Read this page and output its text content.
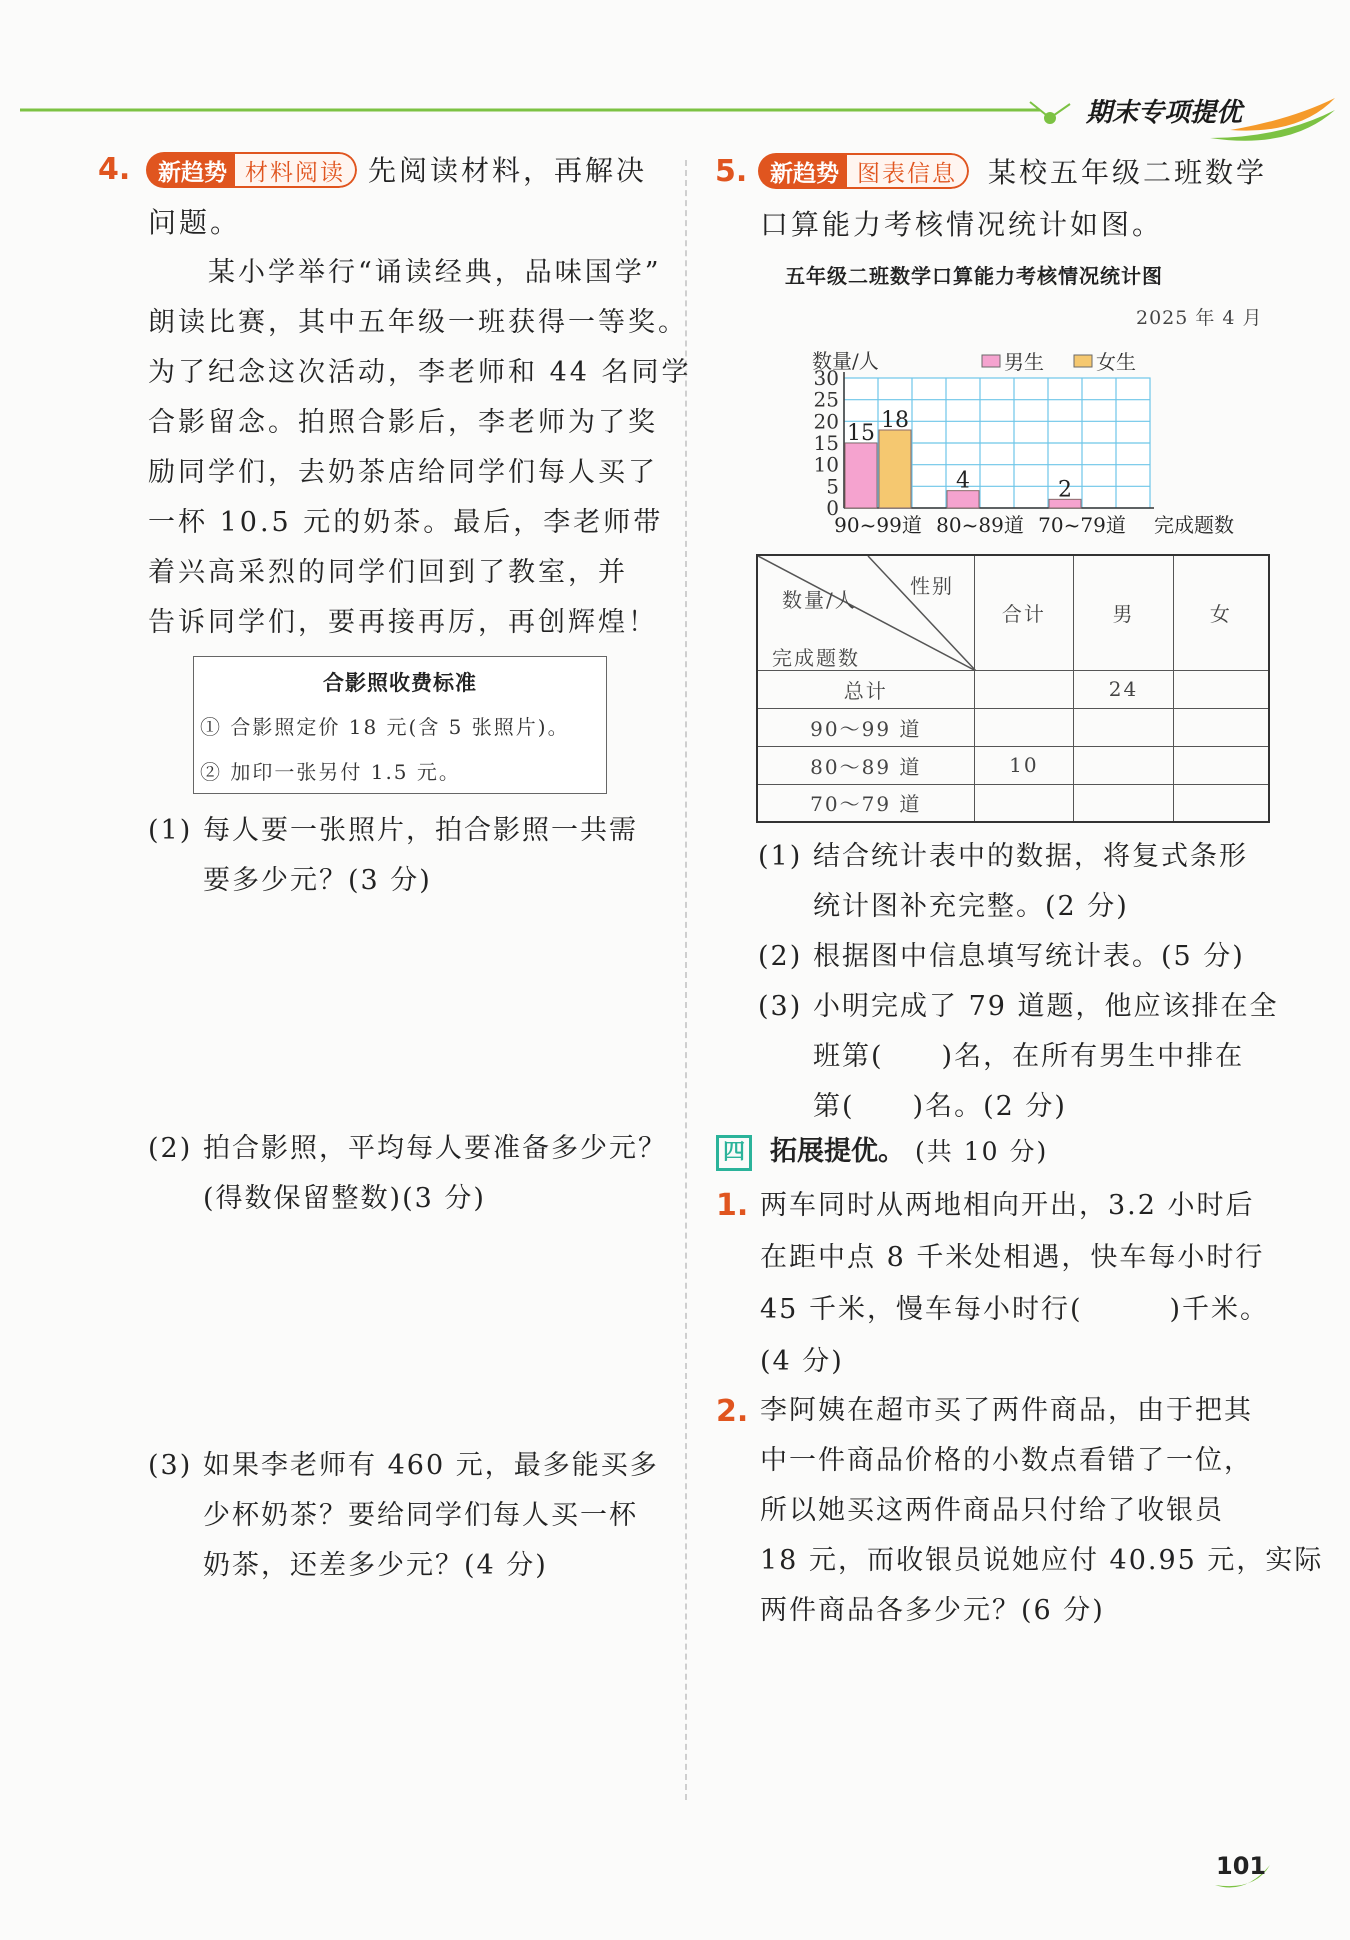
期末专项提优
4.	新趋势 材料阅读 先阅读材料，再解决
问题。
某小学举行“诵读经典，品味国学”
朗读比赛，其中五年级一班获得一等奖。
为了纪念这次活动，李老师和 44 名同学
合影留念。拍照合影后，李老师为了奖
励同学们，去奶茶店给同学们每人买了
一杯 10.5 元的奶茶。最后，李老师带
着兴高采烈的同学们回到了教室，并
告诉同学们，要再接再厉，再创辉煌！
合影照收费标准
① 合影照定价 18 元(含 5 张照片)。
② 加印一张另付 1.5 元。
(1) 每人要一张照片，拍合影照一共需
要多少元？(3 分)
(2) 拍合影照，平均每人要准备多少元？
(得数保留整数)(3 分)
(3) 如果李老师有 460 元，最多能买多
少杯奶茶？要给同学们每人买一杯
奶茶，还差多少元？(4 分)
5. 新趋势 图表信息	某校五年级二班数学
口算能力考核情况统计如图。
五年级二班数学口算能力考核情况统计图
2025 年 4 月
0
5
10
15
20
25
30
数量/人	男生	女生
90~99道 80~89道 70~79道
15
18
4	2
完成题数
性别
数量/人
完成题数	合计	男	女
总计		24	
90～99 道			
80～89 道	10		
70～79 道			
(1) 结合统计表中的数据，将复式条形
统计图补充完整。(2 分)
(2) 根据图中信息填写统计表。(5 分)
(3) 小明完成了 79 道题，他应该排在全
班第(　　)名，在所有男生中排在
第(　　)名。(2 分)
四 拓展提优。 (共 10 分)
1. 两车同时从两地相向开出，3.2 小时后
在距中点 8 千米处相遇，快车每小时行
45 千米，慢车每小时行(　　　)千米。
(4 分)
2. 李阿姨在超市买了两件商品，由于把其
中一件商品价格的小数点看错了一位，
所以她买这两件商品只付给了收银员
18 元，而收银员说她应付 40.95 元，实际
两件商品各多少元？(6 分)
101
